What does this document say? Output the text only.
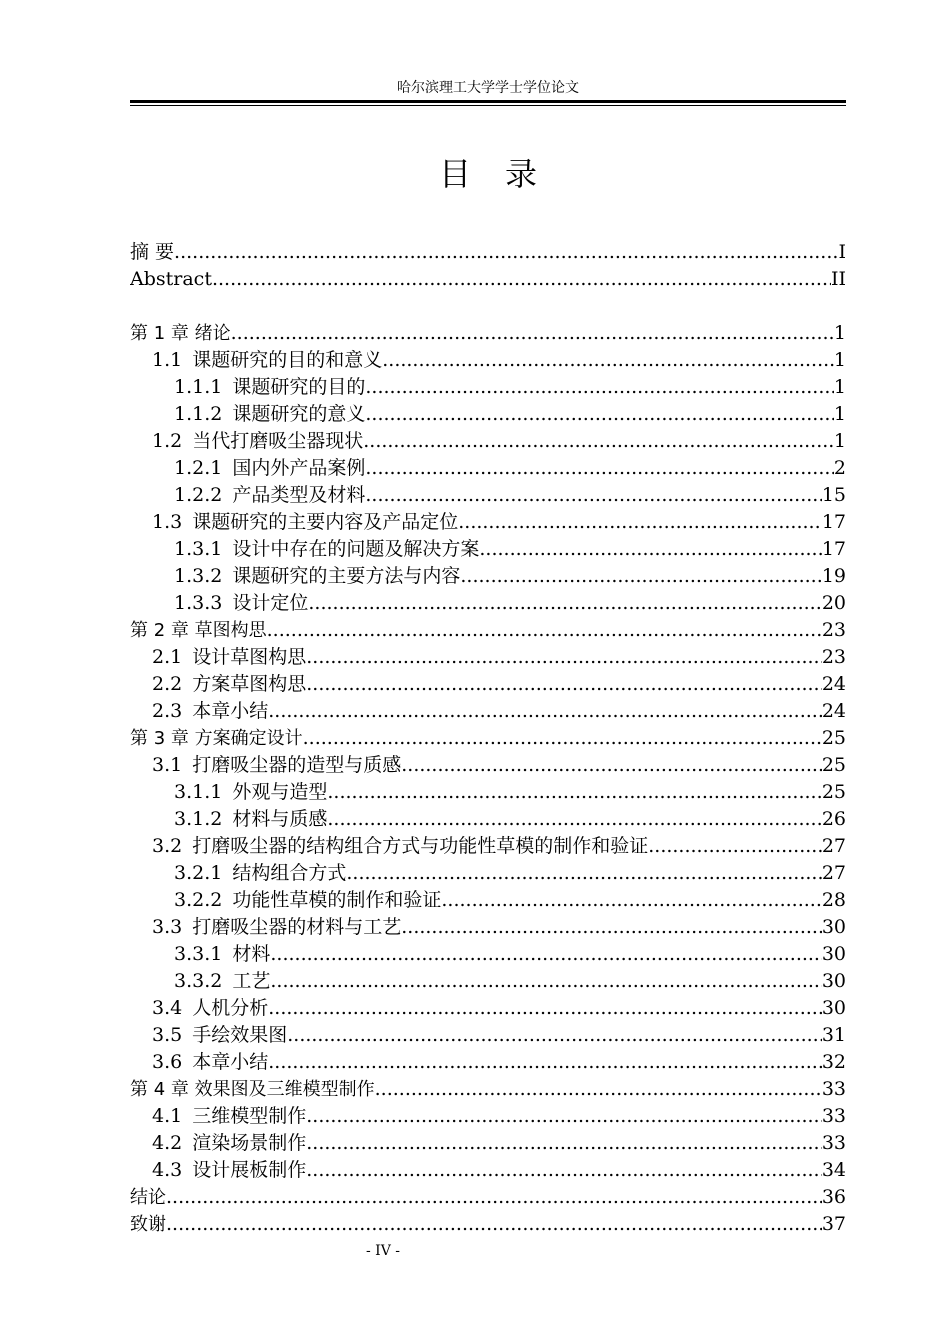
哈尔滨理工大学学士学位论文
目 录
摘 要 .....	I
Abstract .....	II
第 1 章 绪论 .....	1
1.1 课题研究的目的和意义 .....	1
1.1.1 课题研究的目的 .....	1
1.1.2 课题研究的意义 .....	1
1.2 当代打磨吸尘器现状 .....	1
1.2.1 国内外产品案例 .....	2
1.2.2 产品类型及材料 .....	15
1.3 课题研究的主要内容及产品定位 .....	17
1.3.1 设计中存在的问题及解决方案 .....	17
1.3.2 课题研究的主要方法与内容 .....	19
1.3.3 设计定位 .....	20
第 2 章 草图构思 .....	23
2.1 设计草图构思 .....	23
2.2 方案草图构思 .....	24
2.3 本章小结 .....	24
第 3 章 方案确定设计 .....	25
3.1 打磨吸尘器的造型与质感 .....	25
3.1.1 外观与造型 .....	25
3.1.2 材料与质感 .....	26
3.2 打磨吸尘器的结构组合方式与功能性草模的制作和验证 .....	27
3.2.1 结构组合方式 .....	27
3.2.2 功能性草模的制作和验证 .....	28
3.3 打磨吸尘器的材料与工艺 .....	30
3.3.1 材料 .....	30
3.3.2 工艺 .....	30
3.4 人机分析 .....	30
3.5 手绘效果图 .....	31
3.6 本章小结 .....	32
第 4 章 效果图及三维模型制作 .....	33
4.1 三维模型制作 .....	33
4.2 渲染场景制作 .....	33
4.3 设计展板制作 .....	34
结论 .....	36
致谢 .....	37
- IV -
